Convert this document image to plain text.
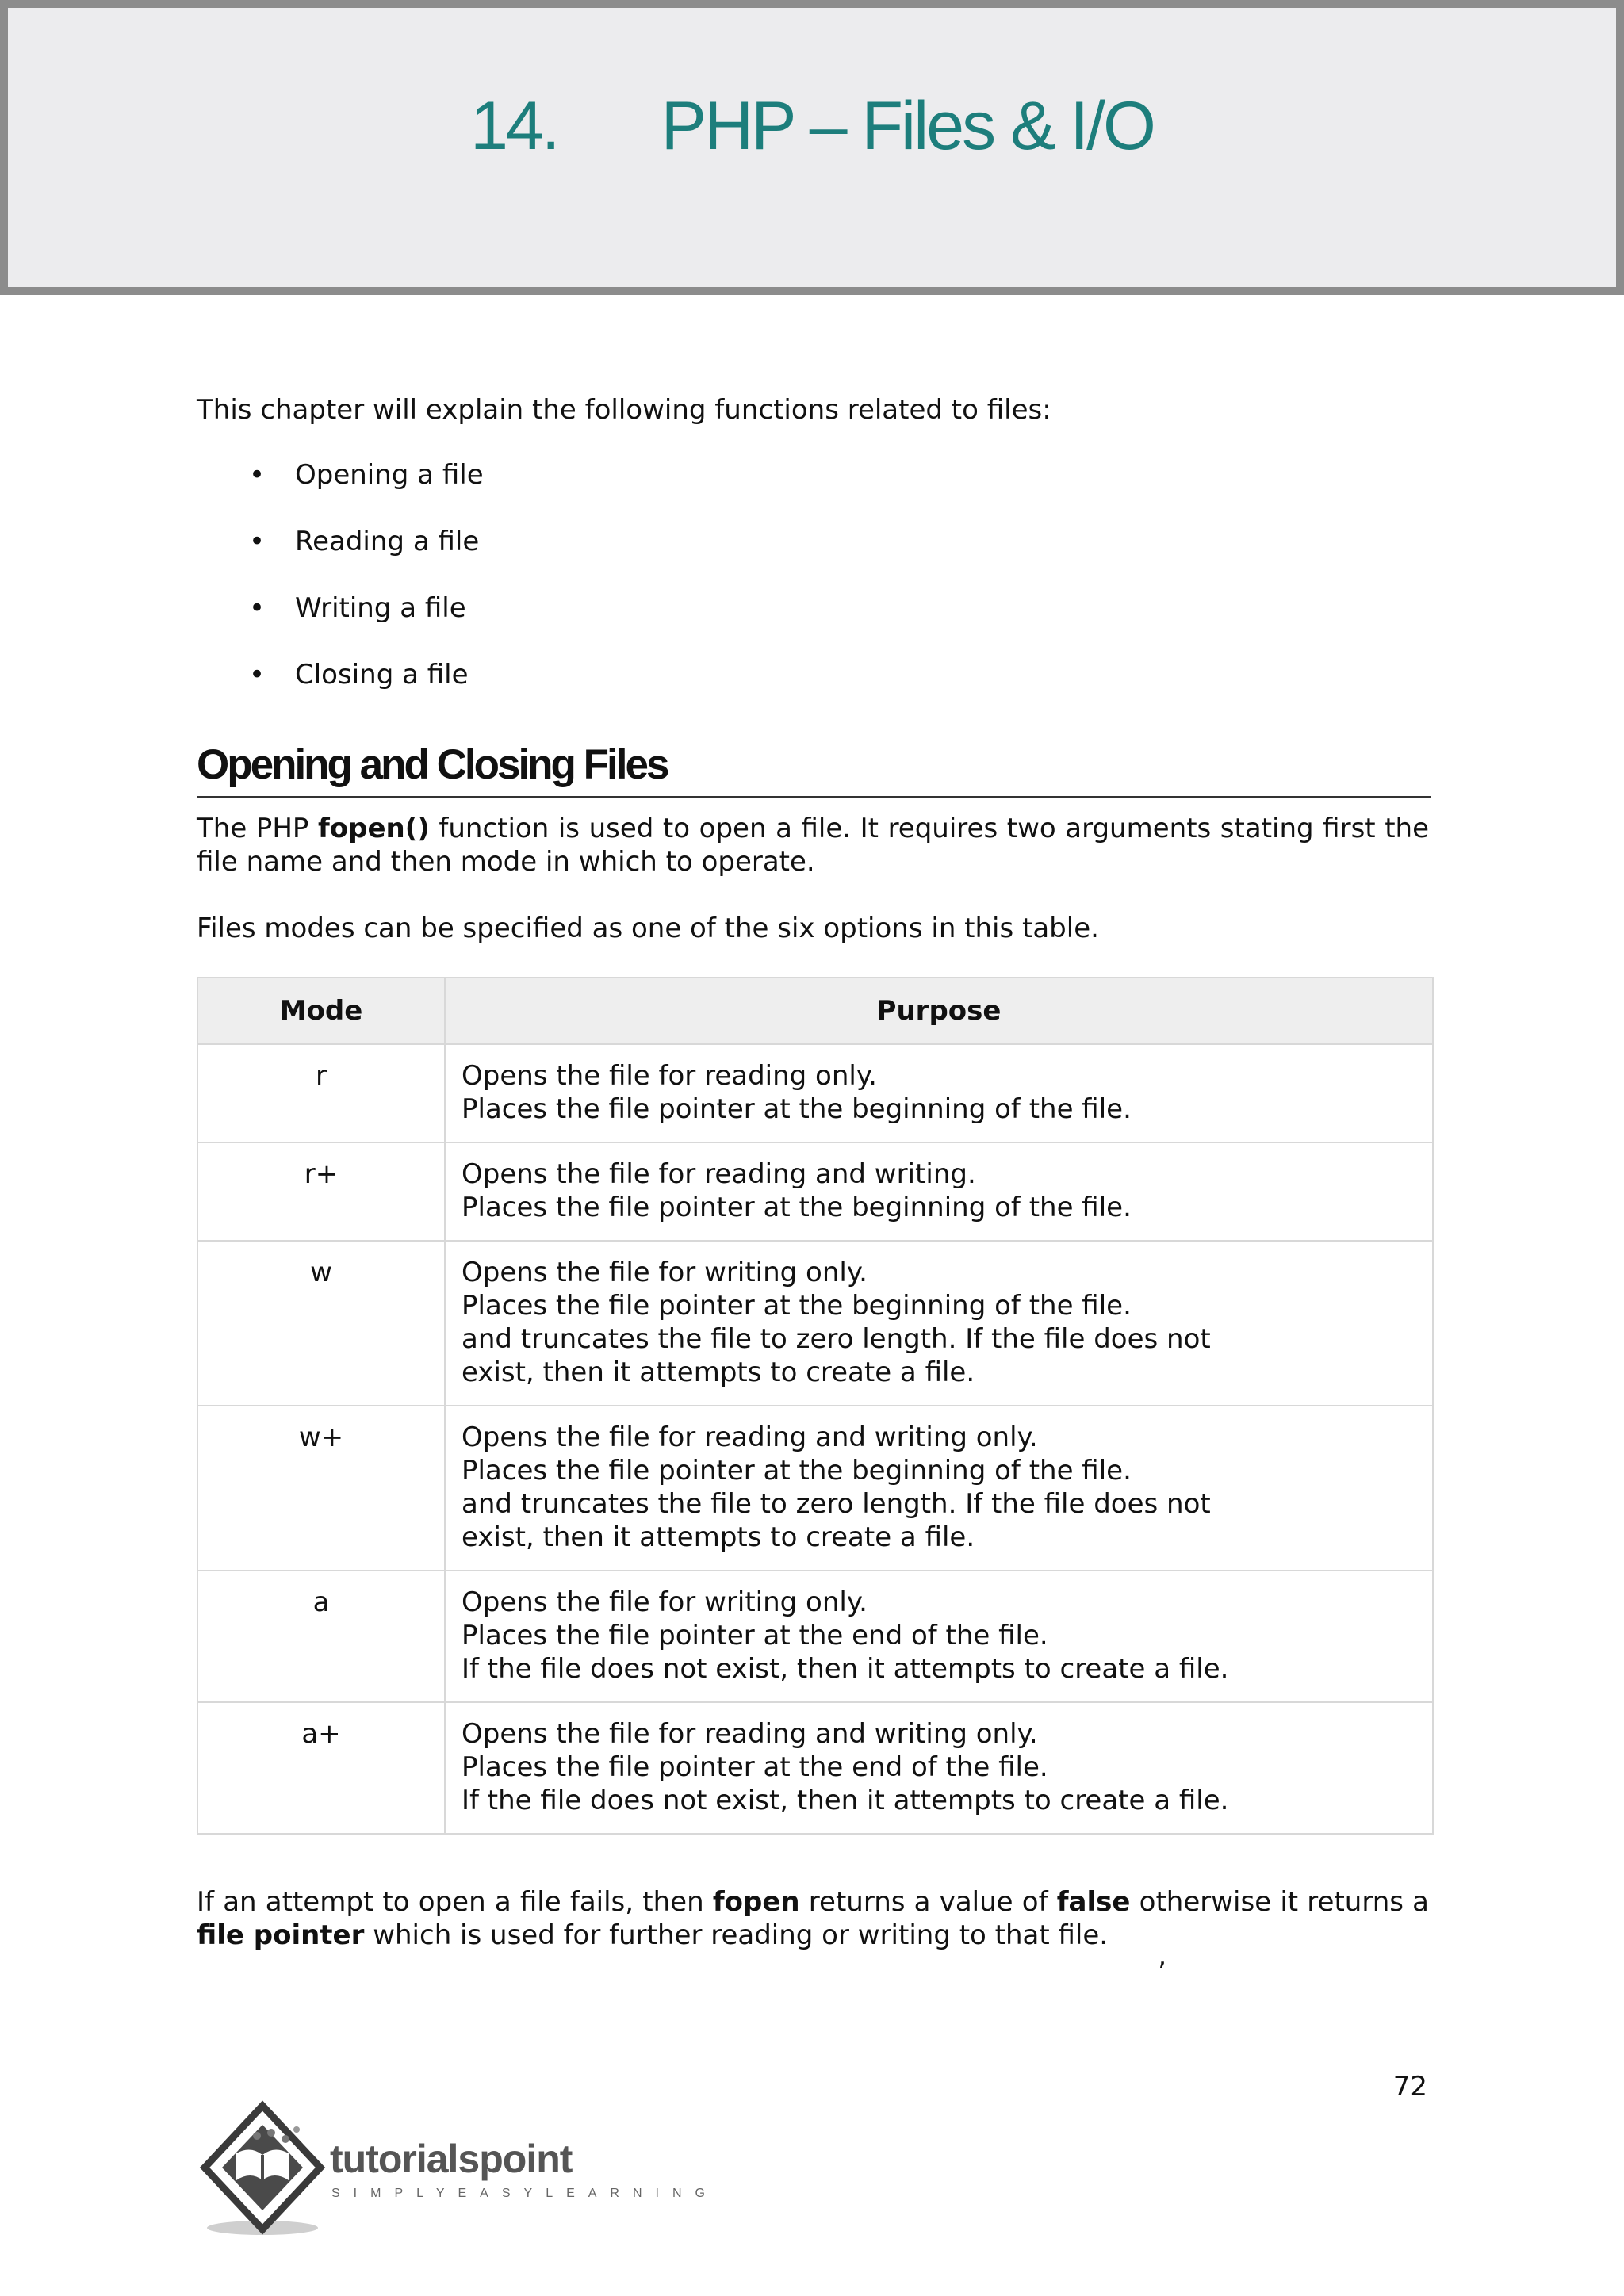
14. PHP – Files & I/O

This chapter will explain the following functions related to files:

• Opening a file
• Reading a file
• Writing a file
• Closing a file
Opening and Closing Files

The PHP fopen() function is used to open a file. It requires two arguments stating first the file name and then mode in which to operate.

Files modes can be specified as one of the six options in this table.

Mode	Purpose
r	Opens the file for reading only.
Places the file pointer at the beginning of the file.

r+	Opens the file for reading and writing.
Places the file pointer at the beginning of the file.

w	Opens the file for writing only.
Places the file pointer at the beginning of the file.
and truncates the file to zero length. If the file does not
exist, then it attempts to create a file.

w+	Opens the file for reading and writing only.
Places the file pointer at the beginning of the file.
and truncates the file to zero length. If the file does not
exist, then it attempts to create a file.

a	Opens the file for writing only.
Places the file pointer at the end of the file.
If the file does not exist, then it attempts to create a file.

a+	Opens the file for reading and writing only.
Places the file pointer at the end of the file.
If the file does not exist, then it attempts to create a file.

If an attempt to open a file fails, then fopen returns a value of false otherwise it returns a file pointer which is used for further reading or writing to that file.

’
72
tutorialspoint
SIMPLYEASYLEARNING
